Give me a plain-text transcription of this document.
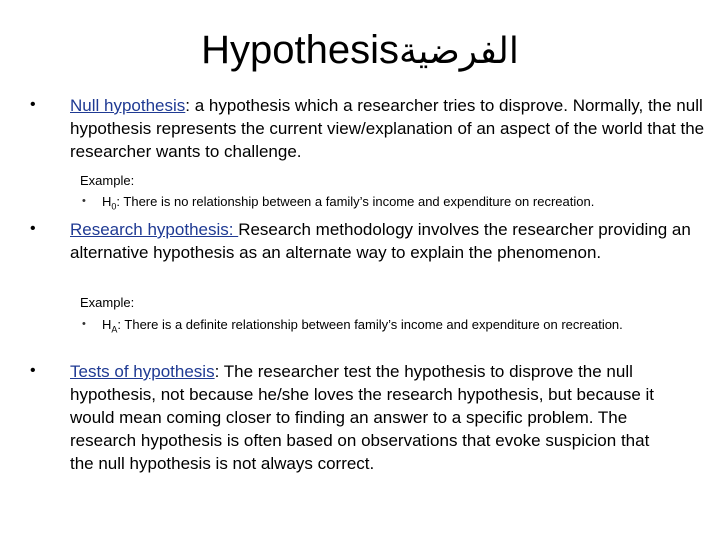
Hypothesisالفرضية
• Null hypothesis: a hypothesis which a researcher tries to disprove. Normally, the null hypothesis represents the current view/explanation of an aspect of the world that the researcher wants to challenge.
Example:
• $H_0$: There is no relationship between a family’s income and expenditure on recreation.
• Research hypothesis: Research methodology involves the researcher providing an alternative hypothesis as an alternate way to explain the phenomenon.
Example:
• $H_A$: There is a definite relationship between family’s income and expenditure on recreation.
• Tests of hypothesis: The researcher test the hypothesis to disprove the null hypothesis, not because he/she loves the research hypothesis, but because it would mean coming closer to finding an answer to a specific problem. The research hypothesis is often based on observations that evoke suspicion that the null hypothesis is not always correct.
